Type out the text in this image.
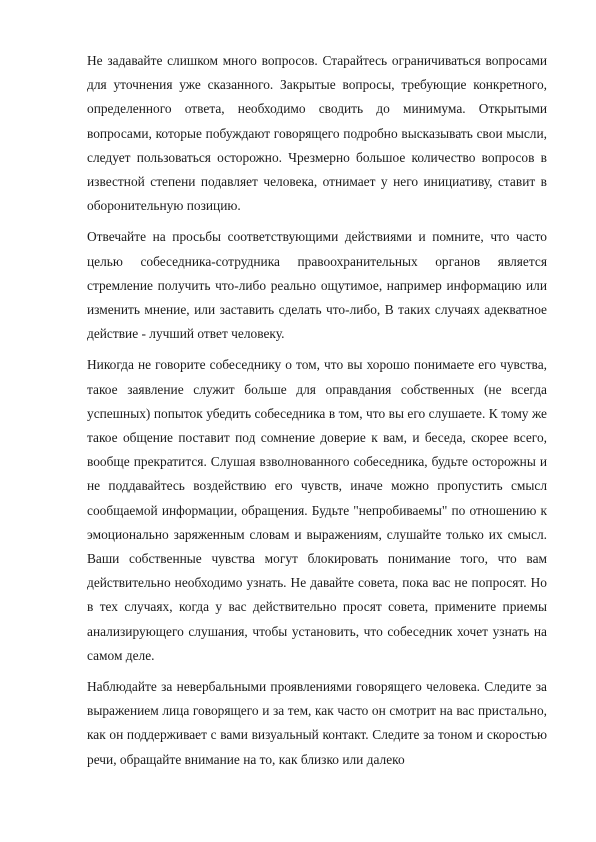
Не задавайте слишком много вопросов. Старайтесь ограничиваться вопросами для уточнения уже сказанного. Закрытые вопросы, требующие конкретного, определенного ответа, необходимо сводить до минимума. Открытыми вопросами, которые побуждают говорящего подробно высказывать свои мысли, следует пользоваться осторожно. Чрезмерно большое количество вопросов в известной степени подавляет человека, отнимает у него инициативу, ставит в оборонительную позицию.

Отвечайте на просьбы соответствующими действиями и помните, что часто целью собеседника-сотрудника правоохранительных органов является стремление получить что-либо реально ощутимое, например информацию или изменить мнение, или заставить сделать что-либо, В таких случаях адекватное действие - лучший ответ человеку.

Никогда не говорите собеседнику о том, что вы хорошо понимаете его чувства, такое заявление служит больше для оправдания собственных (не всегда успешных) попыток убедить собеседника в том, что вы его слушаете. К тому же такое общение поставит под сомнение доверие к вам, и беседа, скорее всего, вообще прекратится. Слушая взволнованного собеседника, будьте осторожны и не поддавайтесь воздействию его чувств, иначе можно пропустить смысл сообщаемой информации, обращения. Будьте "непробиваемы" по отношению к эмоционально заряженным словам и выражениям, слушайте только их смысл. Ваши собственные чувства могут блокировать понимание того, что вам действительно необходимо узнать. Не давайте совета, пока вас не попросят. Но в тех случаях, когда у вас действительно просят совета, примените приемы анализирующего слушания, чтобы установить, что собеседник хочет узнать на самом деле.

Наблюдайте за невербальными проявлениями говорящего человека. Следите за выражением лица говорящего и за тем, как часто он смотрит на вас пристально, как он поддерживает с вами визуальный контакт. Следите за тоном и скоростью речи, обращайте внимание на то, как близко или далеко
